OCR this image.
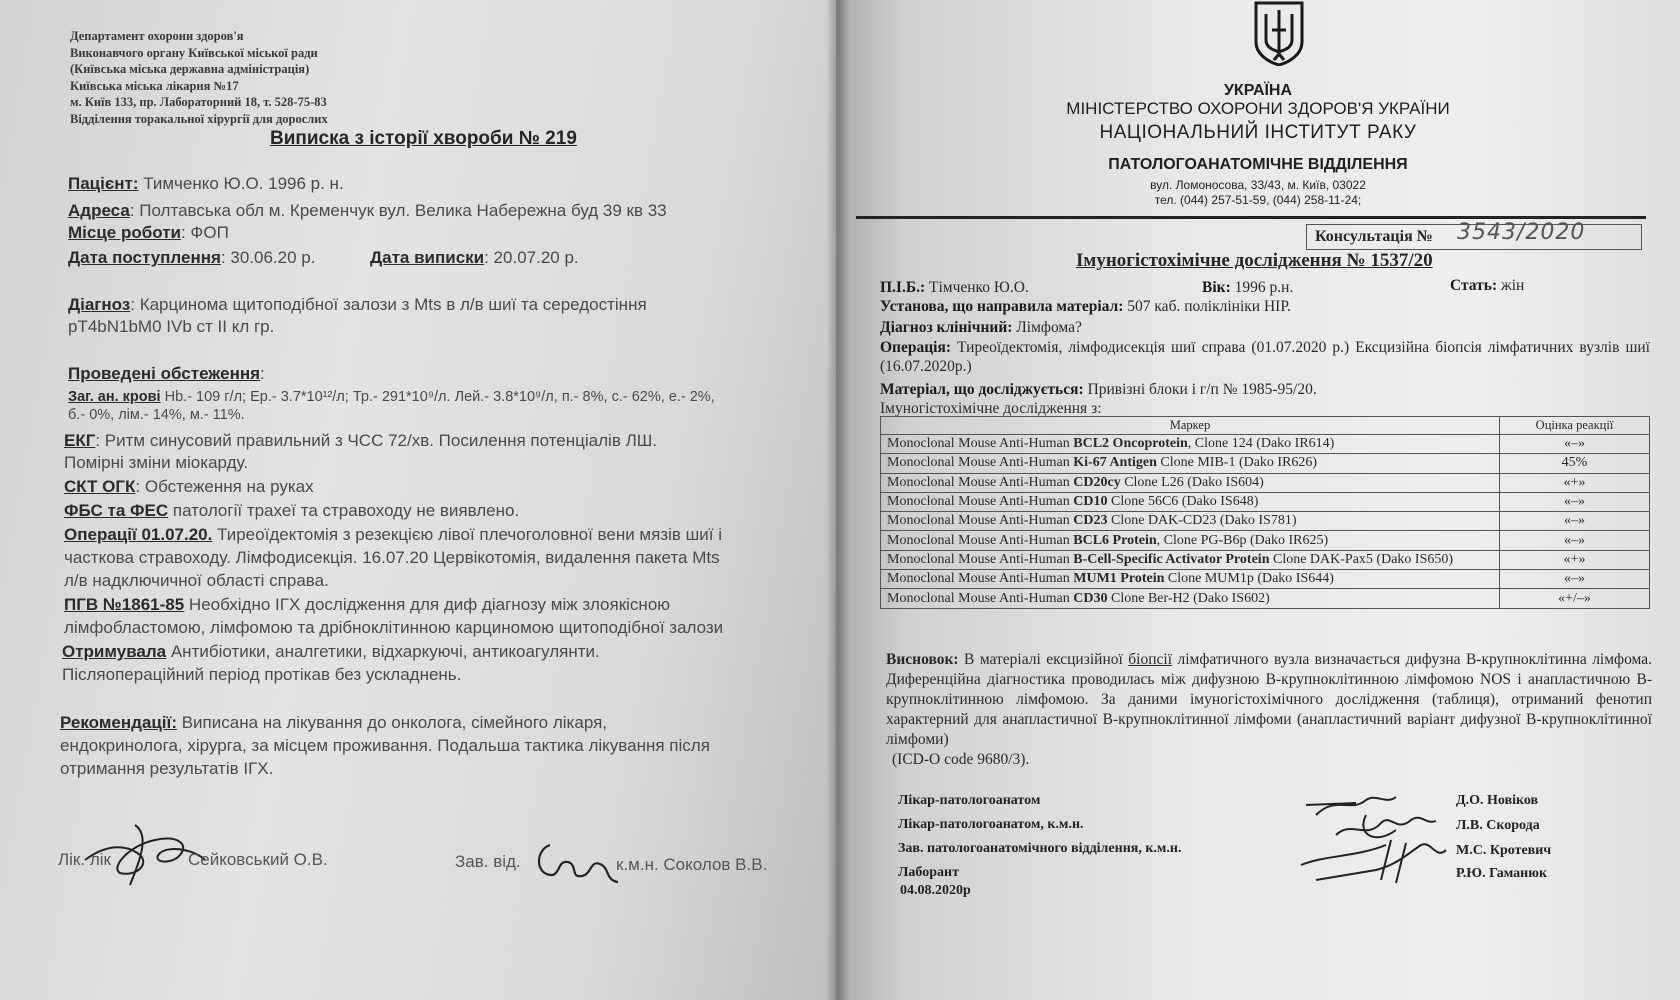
Департамент охорони здоров'я
Виконавчого органу Київської міської ради
(Київська міська державна адміністрація)
Київська міська лікарня №17
м. Київ 133, пр. Лабораторний 18, т. 528-75-83
Відділення торакальної хірургії для дорослих
Виписка з історії хвороби № 219
Пацієнт: Тимченко Ю.О. 1996 р. н.
Адреса: Полтавська обл м. Кременчук вул. Велика Набережна буд 39 кв 33
Місце роботи: ФОП
Дата поступлення: 30.06.20 р.	Дата виписки: 20.07.20 р.
Діагноз: Карцинома щитоподібної залози з Mts в л/в шиї та середостіння
pT4bN1bM0 IVb ст II кл гр.
Проведені обстеження:
Заг. ан. крові Hb.- 109 г/л; Ер.- 3.7*10¹²/л; Тр.- 291*10⁹/л. Лей.- 3.8*10⁹/л, п.- 8%, с.- 62%, е.- 2%,
б.- 0%, лім.- 14%, м.- 11%.
ЕКГ: Ритм синусовий правильний з ЧСС 72/хв. Посилення потенціалів ЛШ.
Помірні зміни міокарду.
СКТ ОГК: Обстеження на руках
ФБС та ФЕС патології трахеї та стравоходу не виявлено.
Операції 01.07.20. Тиреоїдектомія з резекцією лівої плечоголовної вени мязів шиї і
часткова стравоходу. Лімфодисекція. 16.07.20 Цервікотомія, видалення пакета Mts
л/в надключичної області справа.
ПГВ №1861-85 Необхідно ІГХ дослідження для диф діагнозу між злоякісною
лімфобластомою, лімфомою та дрібноклітинною карциномою щитоподібної залози
Отримувала Антибіотики, аналгетики, відхаркуючі, антикоагулянти.
Післяопераційний період протікав без ускладнень.
Рекомендації: Виписана на лікування до онколога, сімейного лікаря,
ендокринолога, хірурга, за місцем проживання. Подальша тактика лікування після
отримання результатів ІГХ.
Лік. лік	Сейковський О.В.	Зав. від.	к.м.н. Соколов В.В.
УКРАЇНА
МІНІСТЕРСТВО ОХОРОНИ ЗДОРОВ'Я УКРАЇНИ
НАЦІОНАЛЬНИЙ ІНСТИТУТ РАКУ
ПАТОЛОГОАНАТОМІЧНЕ ВІДДІЛЕННЯ
вул. Ломоносова, 33/43, м. Київ, 03022
тел. (044) 257-51-59, (044) 258-11-24;
Консультація № 3543/2020
Імуногістохімічне дослідження № 1537/20
П.І.Б.: Тімченко Ю.О.	Вік: 1996 р.н.	Стать: жін
Установа, що направила матеріал: 507 каб. поліклініки НІР.
Діагноз клінічний: Лімфома?
Операція: Тиреоїдектомія, лімфодисекція шиї справа (01.07.2020 р.) Ексцизійна біопсія лімфатичних вузлів шиї (16.07.2020р.)
Матеріал, що досліджується: Привізні блоки і г/п № 1985-95/20.
Імуногістохімічне дослідження з:
Маркер	Оцінка реакції
Monoclonal Mouse Anti-Human BCL2 Oncoprotein, Clone 124 (Dako IR614)	«–»
Monoclonal Mouse Anti-Human Ki-67 Antigen Clone MIB-1 (Dako IR626)	45%
Monoclonal Mouse Anti-Human CD20cy Clone L26 (Dako IS604)	«+»
Monoclonal Mouse Anti-Human CD10 Clone 56C6 (Dako IS648)	«–»
Monoclonal Mouse Anti-Human CD23 Clone DAK-CD23 (Dako IS781)	«–»
Monoclonal Mouse Anti-Human BCL6 Protein, Clone PG-B6p (Dako IR625)	«–»
Monoclonal Mouse Anti-Human B-Cell-Specific Activator Protein Clone DAK-Pax5 (Dako IS650)	«+»
Monoclonal Mouse Anti-Human MUM1 Protein Clone MUM1p (Dako IS644)	«–»
Monoclonal Mouse Anti-Human CD30 Clone Ber-H2 (Dako IS602)	«+/–»
Висновок: В матеріалі ексцизійної біопсії лімфатичного вузла визначається дифузна В-крупноклітинна лімфома. Диференційна діагностика проводилась між дифузною В-крупноклітинною лімфомою NOS і анапластичною В-крупноклітинною лімфомою. За даними імуногістохімічного дослідження (таблиця), отриманий фенотип характерний для анапластичної В-крупноклітинної лімфоми (анапластичний варіант дифузної В-крупноклітинної лімфоми)
(ICD-O code 9680/3).
Лікар-патологоанатом
Лікар-патологоанатом, к.м.н.
Зав. патологоанатомічного відділення, к.м.н.
Лаборант
04.08.2020р
Д.О. Новіков
Л.В. Скорода
М.С. Кротевич
Р.Ю. Гаманюк
